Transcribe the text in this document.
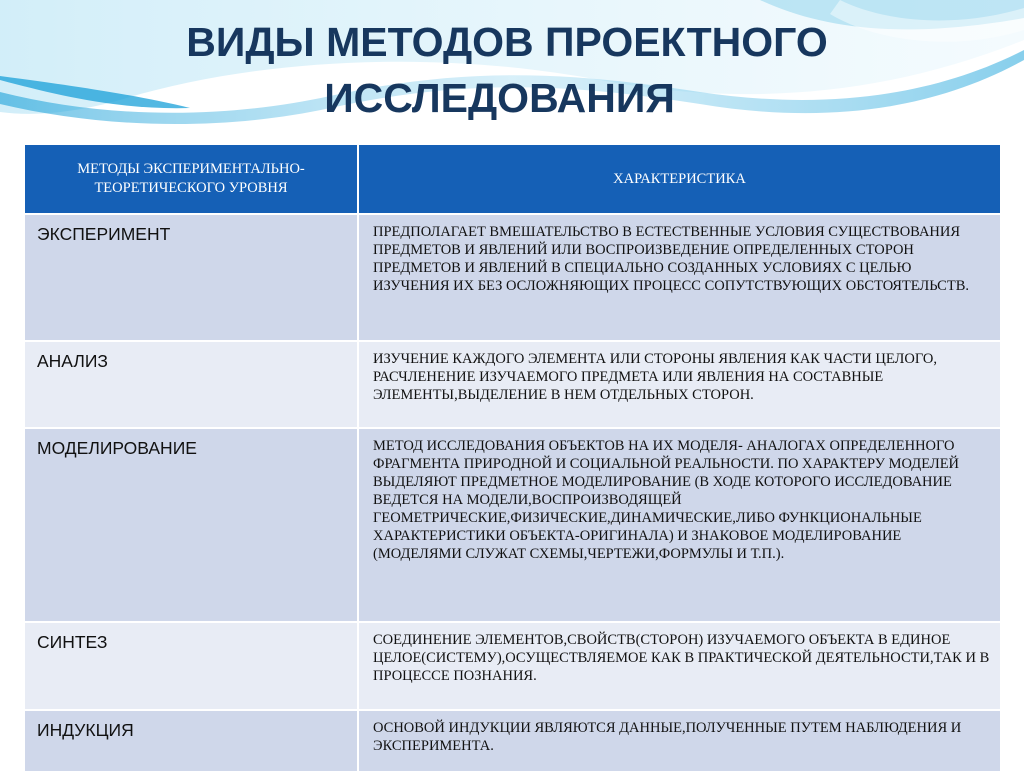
ВИДЫ МЕТОДОВ ПРОЕКТНОГО
ИССЛЕДОВАНИЯ
МЕТОДЫ ЭКСПЕРИМЕНТАЛЬНО-ТЕОРЕТИЧЕСКОГО УРОВНЯ	ХАРАКТЕРИСТИКА
ЭКСПЕРИМЕНТ	ПРЕДПОЛАГАЕТ ВМЕШАТЕЛЬСТВО В ЕСТЕСТВЕННЫЕ УСЛОВИЯ СУЩЕСТВОВАНИЯ ПРЕДМЕТОВ И ЯВЛЕНИЙ ИЛИ ВОСПРОИЗВЕДЕНИЕ ОПРЕДЕЛЕННЫХ СТОРОН ПРЕДМЕТОВ И ЯВЛЕНИЙ В СПЕЦИАЛЬНО СОЗДАННЫХ УСЛОВИЯХ С ЦЕЛЬЮ ИЗУЧЕНИЯ ИХ БЕЗ ОСЛОЖНЯЮЩИХ ПРОЦЕСС СОПУТСТВУЮЩИХ ОБСТОЯТЕЛЬСТВ.
АНАЛИЗ	ИЗУЧЕНИЕ КАЖДОГО ЭЛЕМЕНТА ИЛИ СТОРОНЫ ЯВЛЕНИЯ КАК ЧАСТИ ЦЕЛОГО, РАСЧЛЕНЕНИЕ ИЗУЧАЕМОГО ПРЕДМЕТА ИЛИ ЯВЛЕНИЯ НА СОСТАВНЫЕ ЭЛЕМЕНТЫ,ВЫДЕЛЕНИЕ В НЕМ ОТДЕЛЬНЫХ СТОРОН.
МОДЕЛИРОВАНИЕ	МЕТОД ИССЛЕДОВАНИЯ ОБЪЕКТОВ НА ИХ МОДЕЛЯ- АНАЛОГАХ ОПРЕДЕЛЕННОГО ФРАГМЕНТА ПРИРОДНОЙ И СОЦИАЛЬНОЙ РЕАЛЬНОСТИ. ПО ХАРАКТЕРУ МОДЕЛЕЙ ВЫДЕЛЯЮТ ПРЕДМЕТНОЕ МОДЕЛИРОВАНИЕ (В ХОДЕ КОТОРОГО ИССЛЕДОВАНИЕ ВЕДЕТСЯ НА МОДЕЛИ,ВОСПРОИЗВОДЯЩЕЙ ГЕОМЕТРИЧЕСКИЕ,ФИЗИЧЕСКИЕ,ДИНАМИЧЕСКИЕ,ЛИБО ФУНКЦИОНАЛЬНЫЕ ХАРАКТЕРИСТИКИ ОБЪЕКТА-ОРИГИНАЛА) И ЗНАКОВОЕ МОДЕЛИРОВАНИЕ (МОДЕЛЯМИ СЛУЖАТ СХЕМЫ,ЧЕРТЕЖИ,ФОРМУЛЫ И Т.П.).
СИНТЕЗ	СОЕДИНЕНИЕ ЭЛЕМЕНТОВ,СВОЙСТВ(СТОРОН) ИЗУЧАЕМОГО ОБЪЕКТА В ЕДИНОЕ ЦЕЛОЕ(СИСТЕМУ),ОСУЩЕСТВЛЯЕМОЕ КАК В ПРАКТИЧЕСКОЙ ДЕЯТЕЛЬНОСТИ,ТАК И В ПРОЦЕССЕ ПОЗНАНИЯ.
ИНДУКЦИЯ	ОСНОВОЙ ИНДУКЦИИ ЯВЛЯЮТСЯ ДАННЫЕ,ПОЛУЧЕННЫЕ ПУТЕМ НАБЛЮДЕНИЯ И ЭКСПЕРИМЕНТА.
